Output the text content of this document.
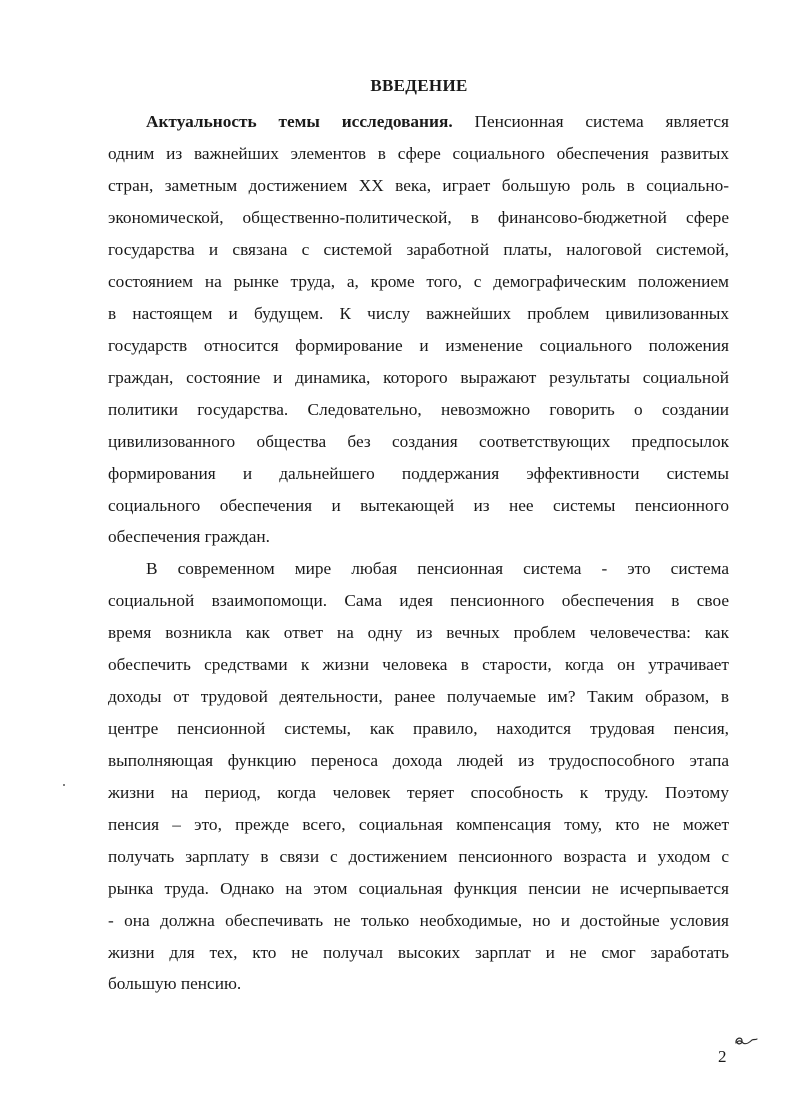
ВВЕДЕНИЕ
Актуальность темы исследования. Пенсионная система является
одним из важнейших элементов в сфере социального обеспечения развитых
стран, заметным достижением XX века, играет большую роль в социально-
экономической, общественно-политической, в финансово-бюджетной сфере
государства и связана с системой заработной платы, налоговой системой,
состоянием на рынке труда, а, кроме того, с демографическим положением
в настоящем и будущем. К числу важнейших проблем цивилизованных
государств относится формирование и изменение социального положения
граждан, состояние и динамика, которого выражают результаты социальной
политики государства. Следовательно, невозможно говорить о создании
цивилизованного общества без создания соответствующих предпосылок
формирования и дальнейшего поддержания эффективности системы
социального обеспечения и вытекающей из нее системы пенсионного
обеспечения граждан.
В современном мире любая пенсионная система - это система
социальной взаимопомощи. Сама идея пенсионного обеспечения в свое
время возникла как ответ на одну из вечных проблем человечества: как
обеспечить средствами к жизни человека в старости, когда он утрачивает
доходы от трудовой деятельности, ранее получаемые им? Таким образом, в
центре пенсионной системы, как правило, находится трудовая пенсия,
выполняющая функцию переноса дохода людей из трудоспособного этапа
жизни на период, когда человек теряет способность к труду. Поэтому
пенсия – это, прежде всего, социальная компенсация тому, кто не может
получать зарплату в связи с достижением пенсионного возраста и уходом с
рынка труда. Однако на этом социальная функция пенсии не исчерпывается
- она должна обеспечивать не только необходимые, но и достойные условия
жизни для тех, кто не получал высоких зарплат и не смог заработать
большую пенсию.
2
